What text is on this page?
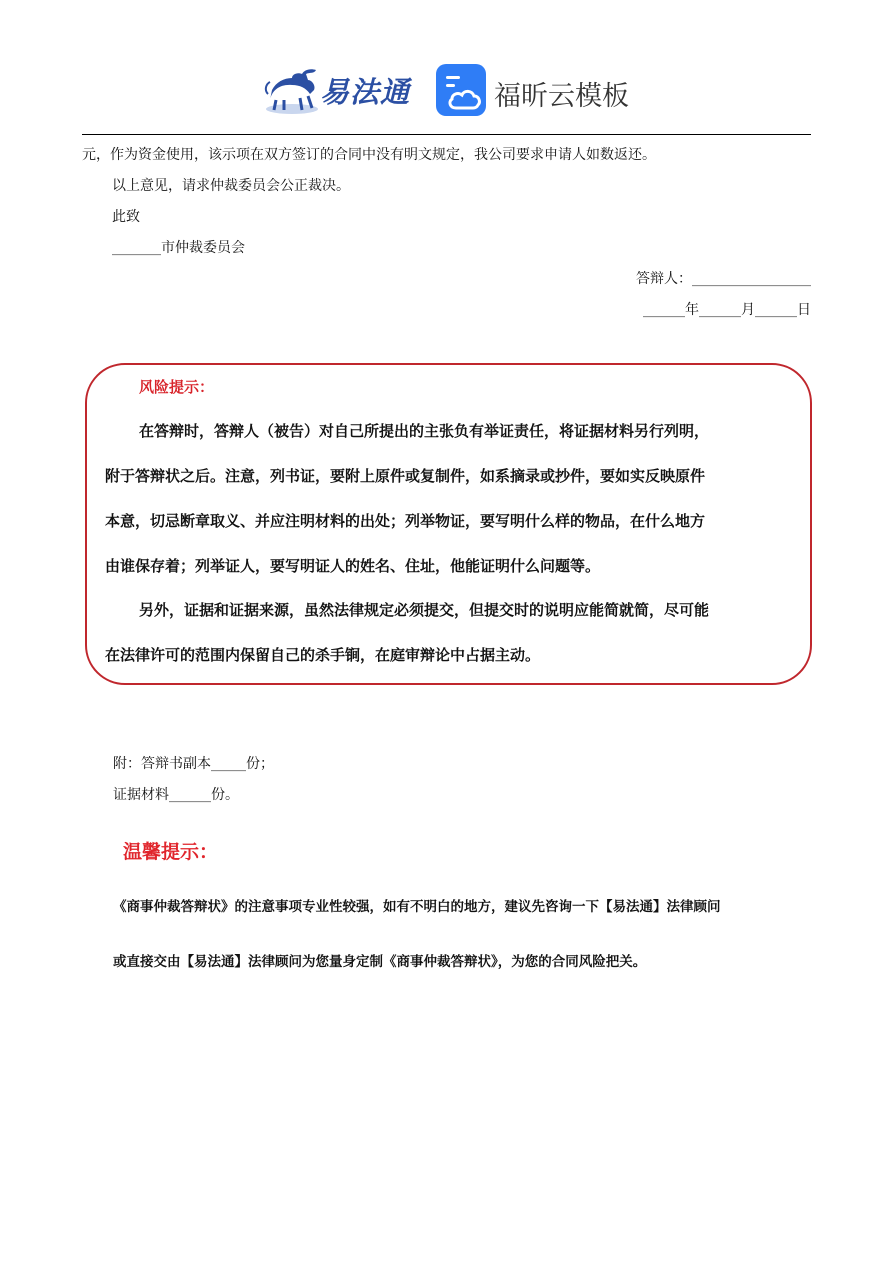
易法通	福昕云模板
元，作为资金使用，该示项在双方签订的合同中没有明文规定，我公司要求申请人如数返还。
以上意见，请求仲裁委员会公正裁决。
此致
_______市仲裁委员会
答辩人：_________________
______年______月______日
风险提示：
在答辩时，答辩人（被告）对自己所提出的主张负有举证责任，将证据材料另行列明，
附于答辩状之后。注意，列书证，要附上原件或复制件，如系摘录或抄件，要如实反映原件
本意，切忌断章取义、并应注明材料的出处；列举物证，要写明什么样的物品，在什么地方
由谁保存着；列举证人，要写明证人的姓名、住址，他能证明什么问题等。
另外，证据和证据来源，虽然法律规定必须提交，但提交时的说明应能简就简，尽可能
在法律许可的范围内保留自己的杀手锏，在庭审辩论中占据主动。
附：答辩书副本_____份；
证据材料______份。
温馨提示：
《商事仲裁答辩状》的注意事项专业性较强，如有不明白的地方，建议先咨询一下【易法通】法律顾问
或直接交由【易法通】法律顾问为您量身定制《商事仲裁答辩状》，为您的合同风险把关。
